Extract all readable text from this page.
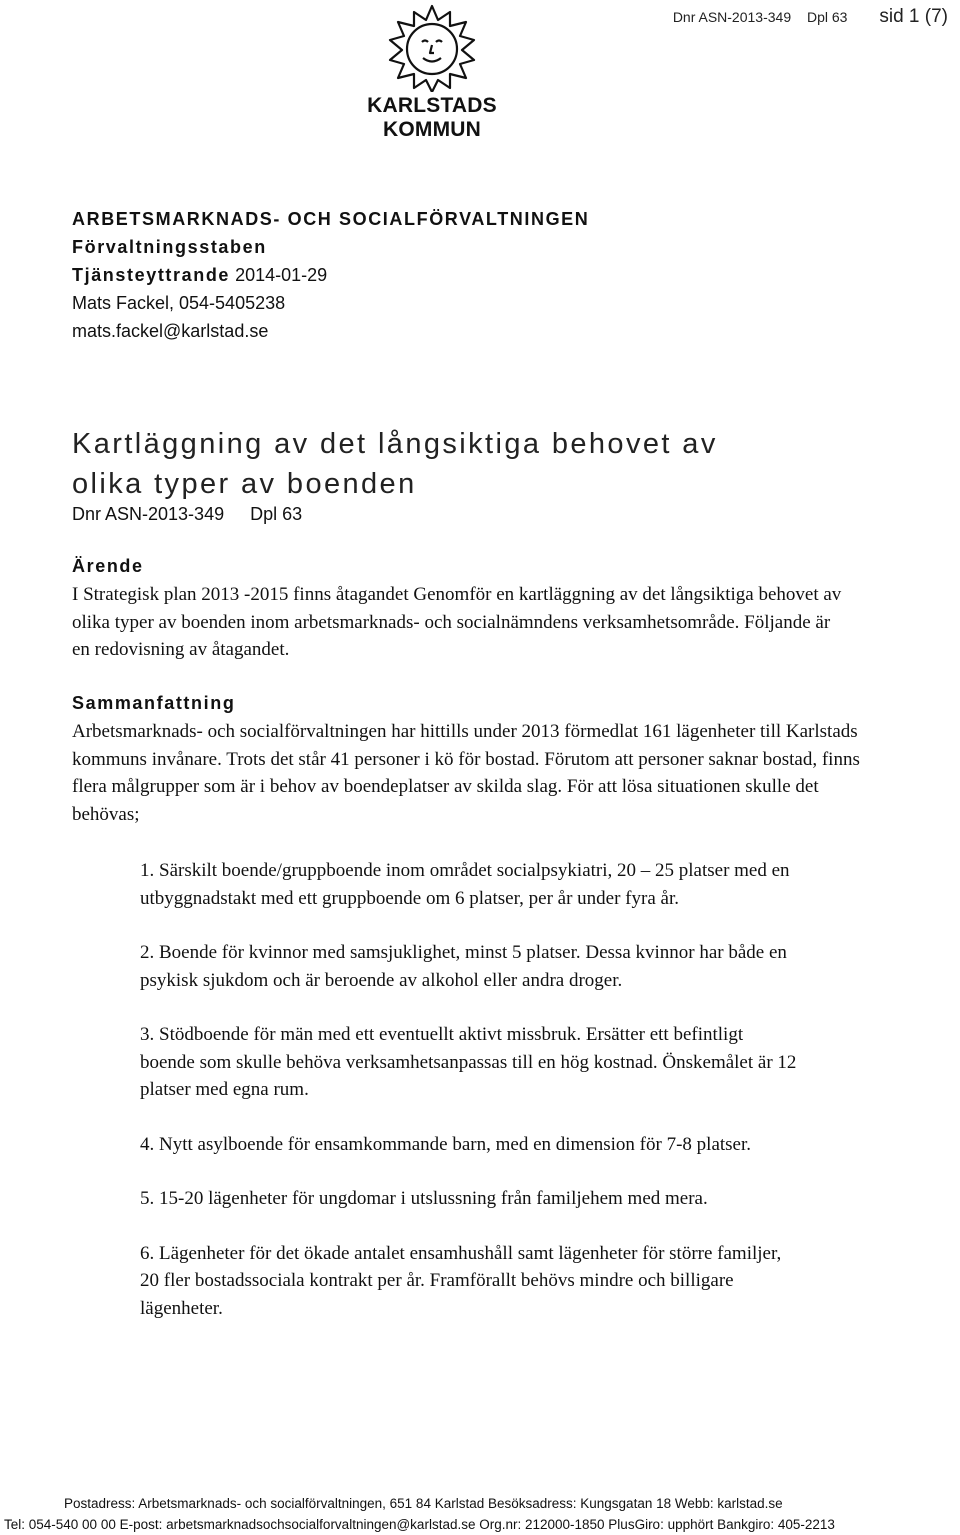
Dnr ASN-2013-349 Dpl 63 sid 1 (7)
KARLSTADS KOMMUN
ARBETSMARKNADS- OCH SOCIALFÖRVALTNINGEN
Förvaltningsstaben
Tjänsteyttrande 2014-01-29
Mats Fackel, 054-5405238
mats.fackel@karlstad.se
Kartläggning av det långsiktiga behovet av
olika typer av boenden
Dnr ASN-2013-349 Dpl 63
Ärende
I Strategisk plan 2013 -2015 finns åtagandet Genomför en kartläggning av det långsiktiga behovet av olika typer av boenden inom arbetsmarknads- och socialnämndens verksamhetsområde. Följande är en redovisning av åtagandet.
Sammanfattning
Arbetsmarknads- och socialförvaltningen har hittills under 2013 förmedlat 161 lägenheter till Karlstads kommuns invånare. Trots det står 41 personer i kö för bostad. Förutom att personer saknar bostad, finns flera målgrupper som är i behov av boendeplatser av skilda slag. För att lösa situationen skulle det behövas;
1. Särskilt boende/gruppboende inom området socialpsykiatri, 20 – 25 platser med en utbyggnadstakt med ett gruppboende om 6 platser, per år under fyra år.
2. Boende för kvinnor med samsjuklighet, minst 5 platser. Dessa kvinnor har både en psykisk sjukdom och är beroende av alkohol eller andra droger.
3. Stödboende för män med ett eventuellt aktivt missbruk. Ersätter ett befintligt boende som skulle behöva verksamhetsanpassas till en hög kostnad. Önskemålet är 12 platser med egna rum.
4. Nytt asylboende för ensamkommande barn, med en dimension för 7-8 platser.
5. 15-20 lägenheter för ungdomar i utslussning från familjehem med mera.
6. Lägenheter för det ökade antalet ensamhushåll samt lägenheter för större familjer, 20 fler bostadssociala kontrakt per år. Framförallt behövs mindre och billigare lägenheter.
Postadress: Arbetsmarknads- och socialförvaltningen, 651 84 Karlstad Besöksadress: Kungsgatan 18 Webb: karlstad.se
Tel: 054-540 00 00 E-post: arbetsmarknadsochsocialforvaltningen@karlstad.se Org.nr: 212000-1850 PlusGiro: upphört Bankgiro: 405-2213
